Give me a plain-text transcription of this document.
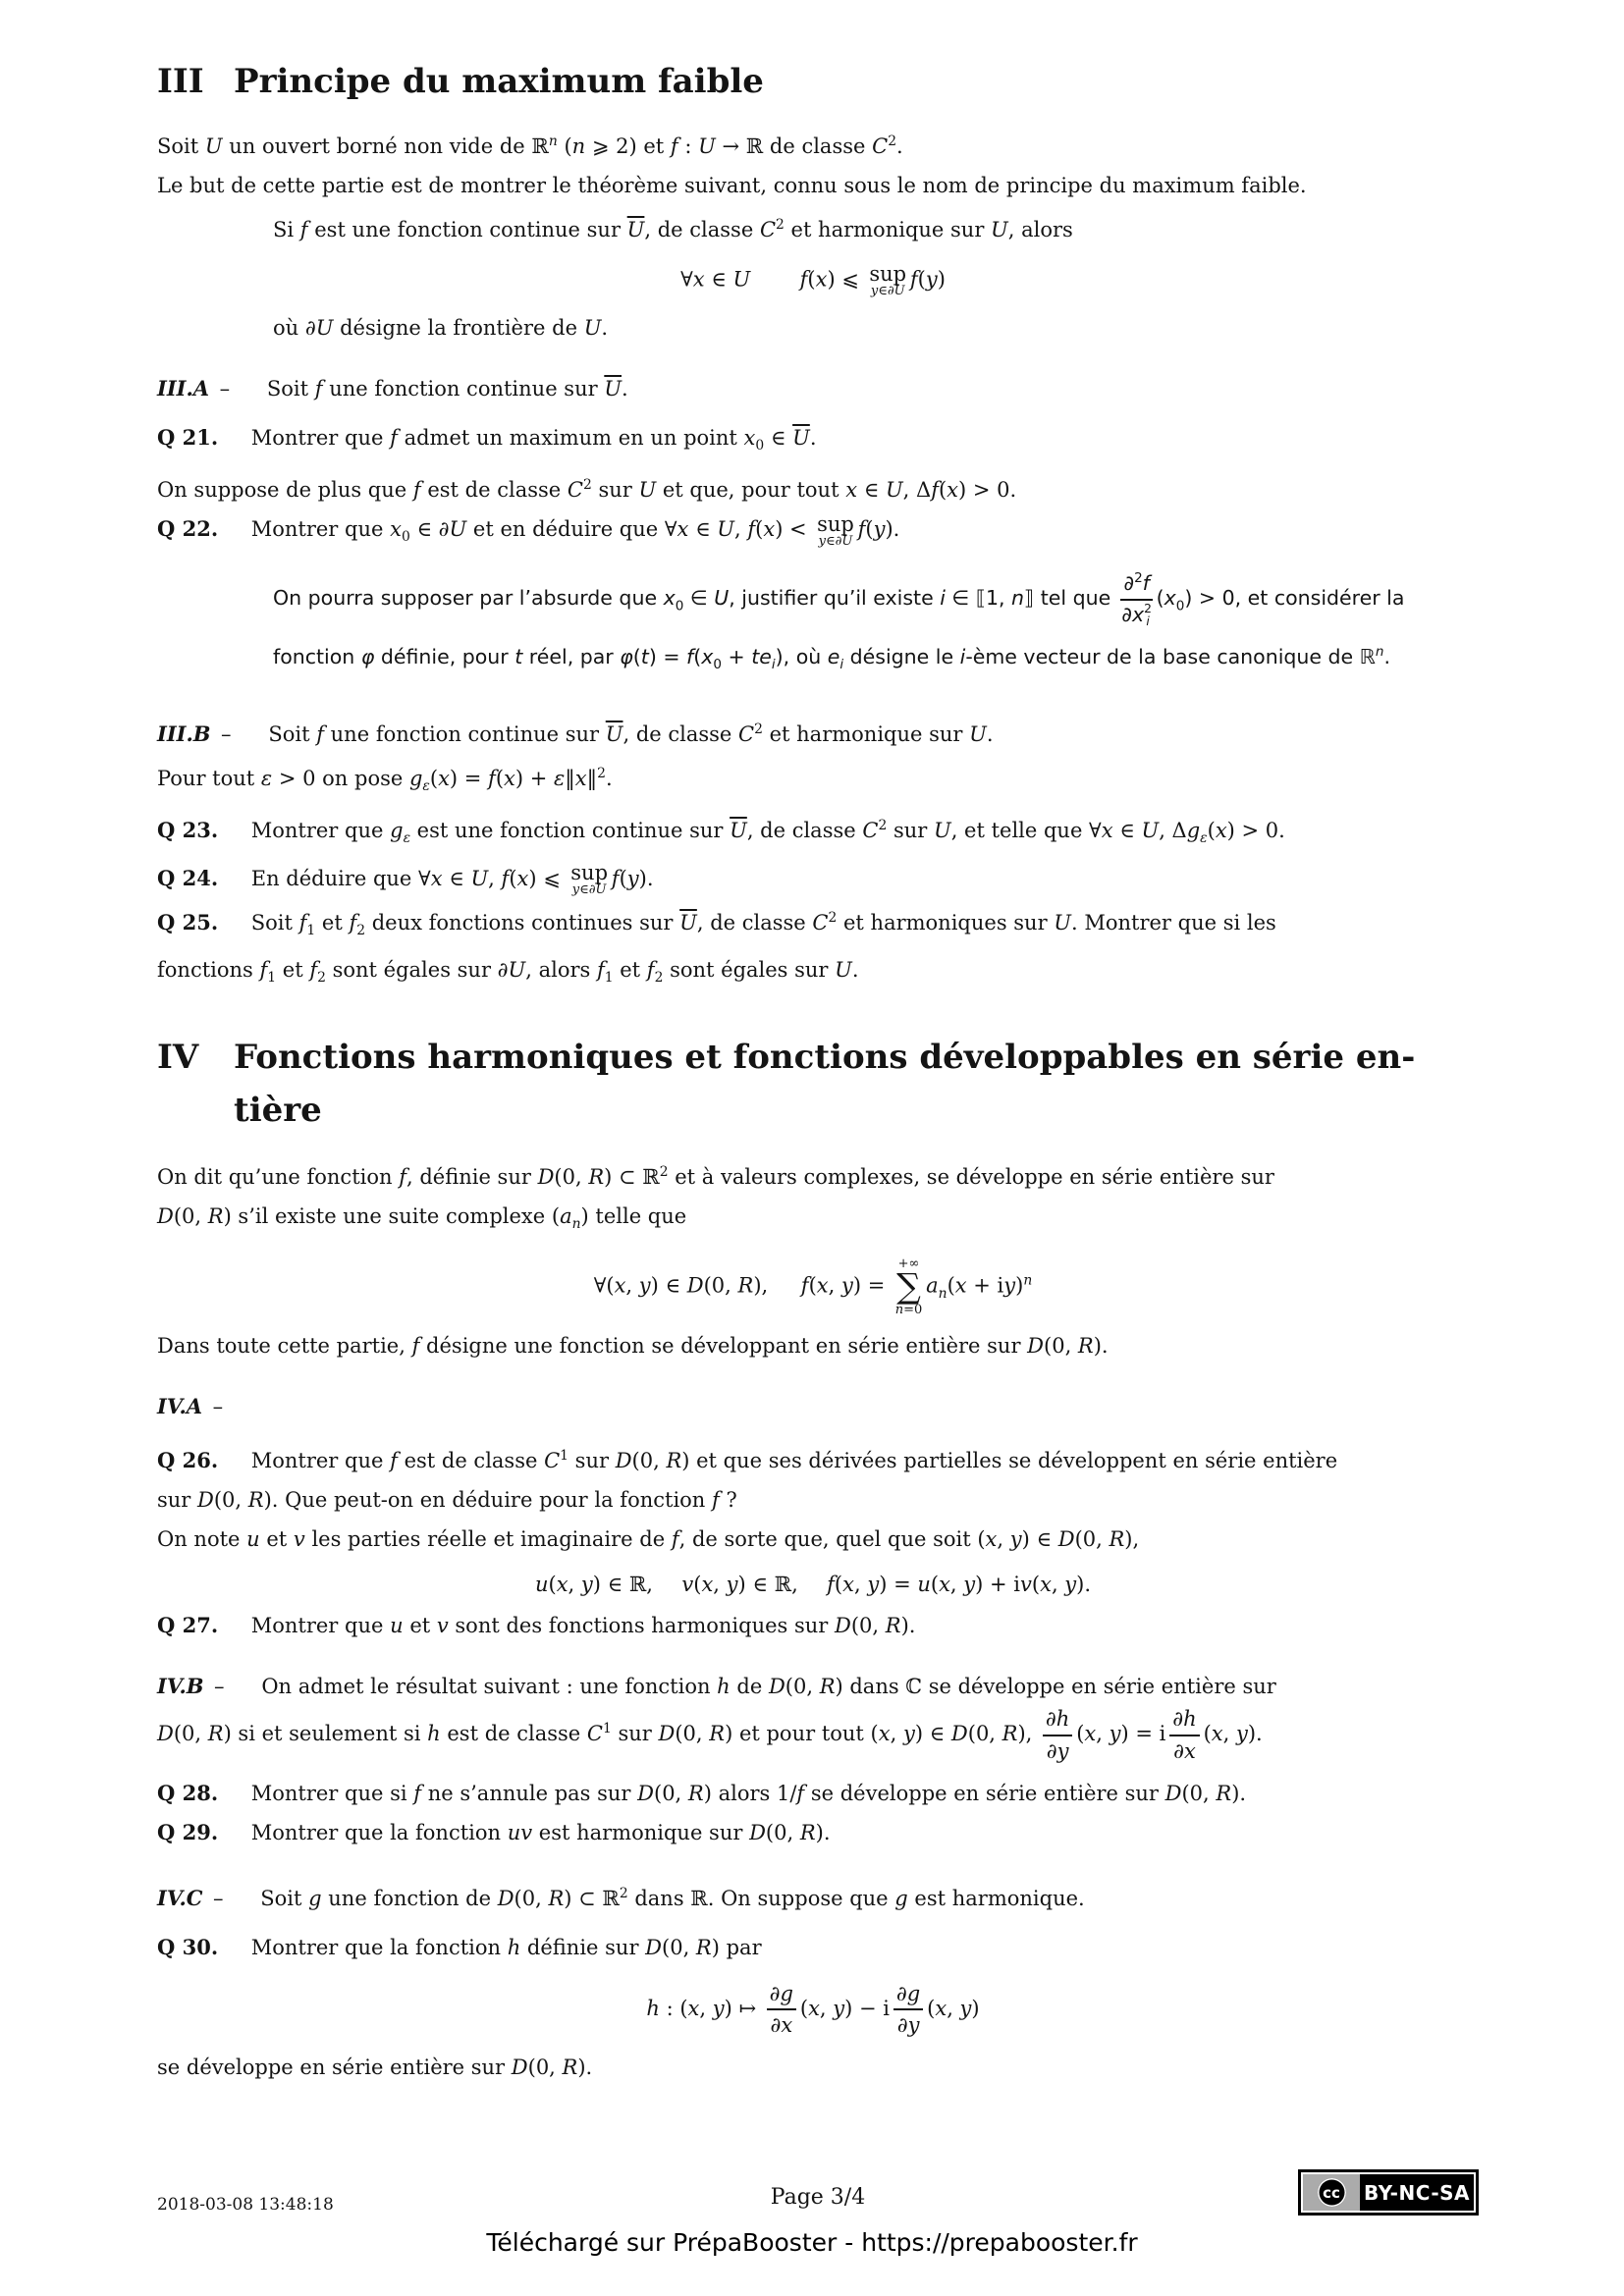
III Principe du maximum faible
Soit U un ouvert borné non vide de ℝ$^n$ (n ⩾ 2) et f : U → ℝ de classe $C^2$.
Le but de cette partie est de montrer le théorème suivant, connu sous le nom de principe du maximum faible.
Si f est une fonction continue sur $\overline{U}$, de classe $C^2$ et harmonique sur U, alors
∀x ∈ U f(x) ⩽ sup
y∈∂U
f(y)
où ∂U désigne la frontière de U.
III.A – Soit f une fonction continue sur $\overline{U}$.
Q 21. Montrer que f admet un maximum en un point $x_0$ ∈ $\overline{U}$.
On suppose de plus que f est de classe $C^2$ sur U et que, pour tout x ∈ U, Δf(x) > 0.
Q 22. Montrer que $x_0$ ∈ ∂U et en déduire que ∀x ∈ U, f(x) < sup
y∈∂U
f(y).
On pourra supposer par l’absurde que $x_0$ ∈ U, justifier qu’il existe i ∈ ⟦1, n⟧ tel que ∂$^2$f
∂x 2
i $(x_0) > 0$, et considérer la fonction φ définie, pour t réel, par $\varphi(t) = f(x_0 + te_i)$, où $e_i$ désigne le i-ème vecteur de la base canonique de ℝ$^n$.
III.B – Soit f une fonction continue sur $\overline{U}$, de classe $C^2$ et harmonique sur U.
Pour tout ε > 0 on pose $g_\varepsilon(x) = f(x)$ + ε‖x‖$^2$.
Q 23. Montrer que $g_\varepsilon$ est une fonction continue sur $\overline{U}$, de classe $C^2$ sur U, et telle que ∀x ∈ U, $\Delta g_\varepsilon(x) > 0$.
Q 24. En déduire que ∀x ∈ U, f(x) ⩽ sup
y∈∂U
f(y).
Q 25. Soit $f_1$ et $f_2$ deux fonctions continues sur $\overline{U}$, de classe $C^2$ et harmoniques sur U. Montrer que si les
fonctions $f_1$ et $f_2$ sont égales sur ∂U, alors $f_1$ et $f_2$ sont égales sur U.
IV	Fonctions harmoniques et fonctions développables en série en-
tière
On dit qu’une fonction f, définie sur D(0, R) ⊂ ℝ$^2$ et à valeurs complexes, se développe en série entière sur
D(0, R) s’il existe une suite complexe $(a_n)$ telle que
∀(x, y) ∈ D(0, R), f(x, y) =
+∞
∑
n=0
$a_n(x + iy)^n$
Dans toute cette partie, f désigne une fonction se développant en série entière sur D(0, R).
IV.A –
Q 26. Montrer que f est de classe $C^1$ sur D(0, R) et que ses dérivées partielles se développent en série entière
sur D(0, R). Que peut-on en déduire pour la fonction f ?
On note u et v les parties réelle et imaginaire de f, de sorte que, quel que soit (x, y) ∈ D(0, R),
u(x, y) ∈ ℝ, v(x, y) ∈ ℝ, f(x, y) = u(x, y) + iv(x, y).
Q 27. Montrer que u et v sont des fonctions harmoniques sur D(0, R).
IV.B – On admet le résultat suivant : une fonction h de D(0, R) dans ℂ se développe en série entière sur
D(0, R) si et seulement si h est de classe $C^1$ sur D(0, R) et pour tout (x, y) ∈ D(0, R), $\frac{\partial h}{\partial y} (x$, y) = i $\frac{\partial h}{\partial x} (x$, y).
Q 28. Montrer que si f ne s’annule pas sur D(0, R) alors 1/f se développe en série entière sur D(0, R).
Q 29. Montrer que la fonction uv est harmonique sur D(0, R).
IV.C – Soit g une fonction de D(0, R) ⊂ ℝ$^2$ dans ℝ. On suppose que g est harmonique.
Q 30. Montrer que la fonction h définie sur D(0, R) par
h : (x, y) ↦ $\frac{\partial g}{\partial x} (x$, y) − i $\frac{\partial g}{\partial y} (x$, y)
se développe en série entière sur D(0, R).
2018-03-08 13:48:18	Page 3/4	cc BY-NC-SA
Téléchargé sur PrépaBooster - https://prepabooster.fr
